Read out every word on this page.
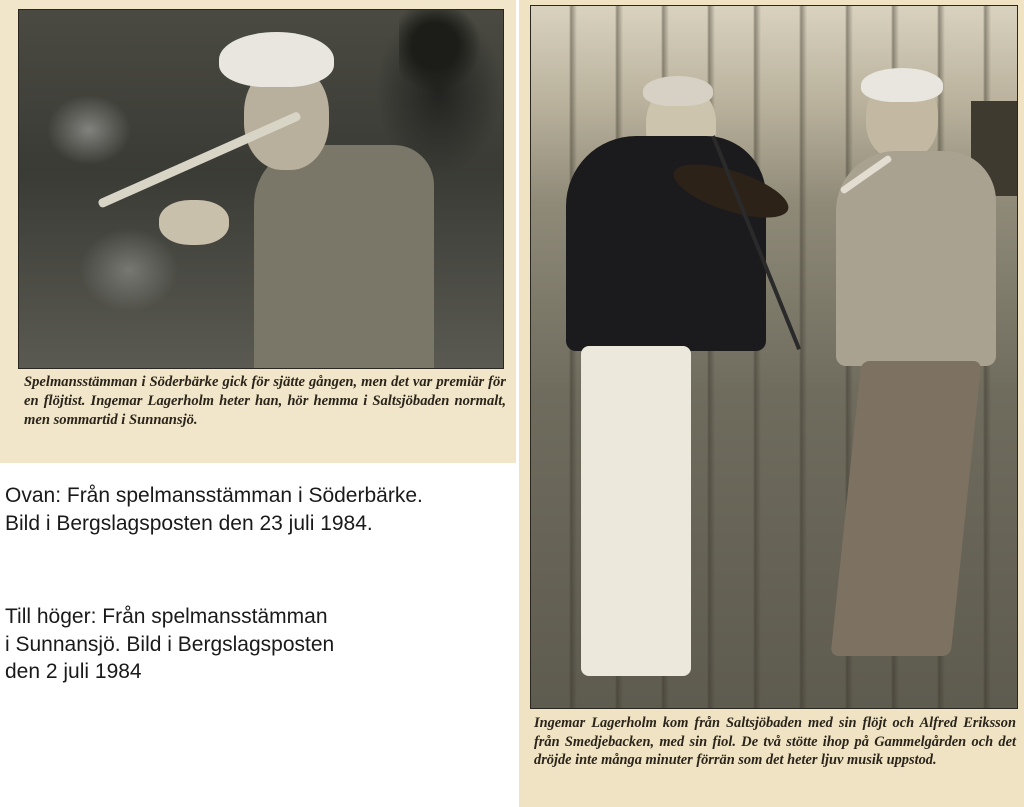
Spelmansstämman i Söderbärke gick för sjätte gången, men det var premiär för en flöjtist. Ingemar Lagerholm heter han, hör hemma i Saltsjöbaden normalt, men sommartid i Sunnansjö.

Ingemar Lagerholm kom från Saltsjöbaden med sin flöjt och Alfred Eriksson från Smedjebacken, med sin fiol. De två stötte ihop på Gammelgården och det dröjde inte många minuter förrän som det heter ljuv musik uppstod.

Ovan: Från spelmansstämman i Söderbärke.
Bild i Bergslagsposten den 23 juli 1984.

Till höger: Från spelmansstämman
i Sunnansjö. Bild i Bergslagsposten
den 2 juli 1984
